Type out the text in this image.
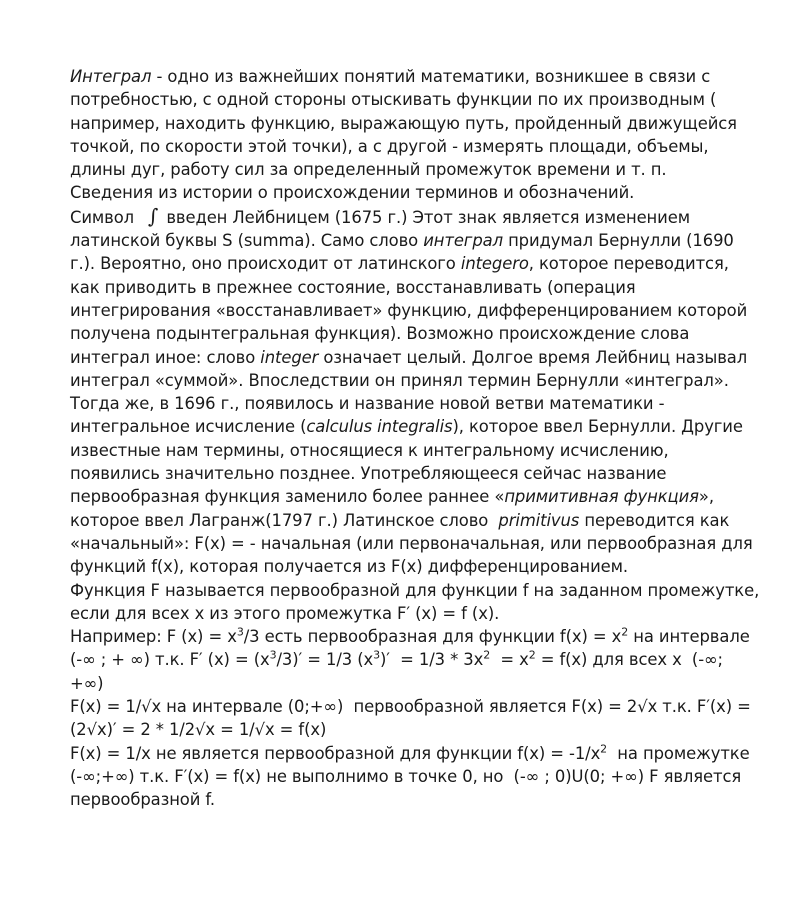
Интеграл - одно из важнейших понятий математики, возникшее в связи с потребностью, с одной стороны отыскивать функции по их производным ( например, находить функцию, выражающую путь, пройденный движущейся точкой, по скорости этой точки), а с другой - измерять площади, объемы, длины дуг, работу сил за определенный промежуток времени и т. п.

Сведения из истории о происхождении терминов и обозначений.

Символ ∫ введен Лейбницем (1675 г.) Этот знак является изменением латинской буквы S (summa). Само слово интеграл придумал Бернулли (1690 г.). Вероятно, оно происходит от латинского integero, которое переводится, как приводить в прежнее состояние, восстанавливать (операция интегрирования «восстанавливает» функцию, дифференцированием которой получена подынтегральная функция). Возможно происхождение слова интеграл иное: слово integer означает целый. Долгое время Лейбниц называл интеграл «суммой». Впоследствии он принял термин Бернулли «интеграл». Тогда же, в 1696 г., появилось и название новой ветви математики - интегральное исчисление (calculus integralis), которое ввел Бернулли. Другие известные нам термины, относящиеся к интегральному исчислению, появились значительно позднее. Употребляющееся сейчас название первообразная функция заменило более раннее «примитивная функция», которое ввел Лагранж(1797 г.) Латинское слово  primitivus переводится как «начальный»: F(x) = - начальная (или первоначальная, или первообразная для функций f(x), которая получается из F(x) дифференцированием.

Функция F называется первообразной для функции f на заданном промежутке, если для всех x из этого промежутка F′ (x) = f (x).

Например: F $(x) = x^3/3$ есть первообразная для функции $f(x) = x^2$ на интервале (-∞ ; + ∞) т.к. F′ $(x) = (x^3/3)' = 1/3$ $(x^3)' = 1/3 * 3x^2 = x^2 = f(x)$ для всех x  (-∞; +∞)

F(x) = 1/√x на интервале (0;+∞)  первообразной является F(x) = 2√x т.к. F′(x) = (2√x)′ = 2 * 1/2√x = 1/√x = f(x)

F(x) = 1/x не является первообразной для функции $f(x) = -1/x^2$  на промежутке (-∞;+∞) т.к. F′(x) = f(x) не выполнимо в точке 0, но  (-∞ ; 0)U(0; +∞) F является первообразной f.
